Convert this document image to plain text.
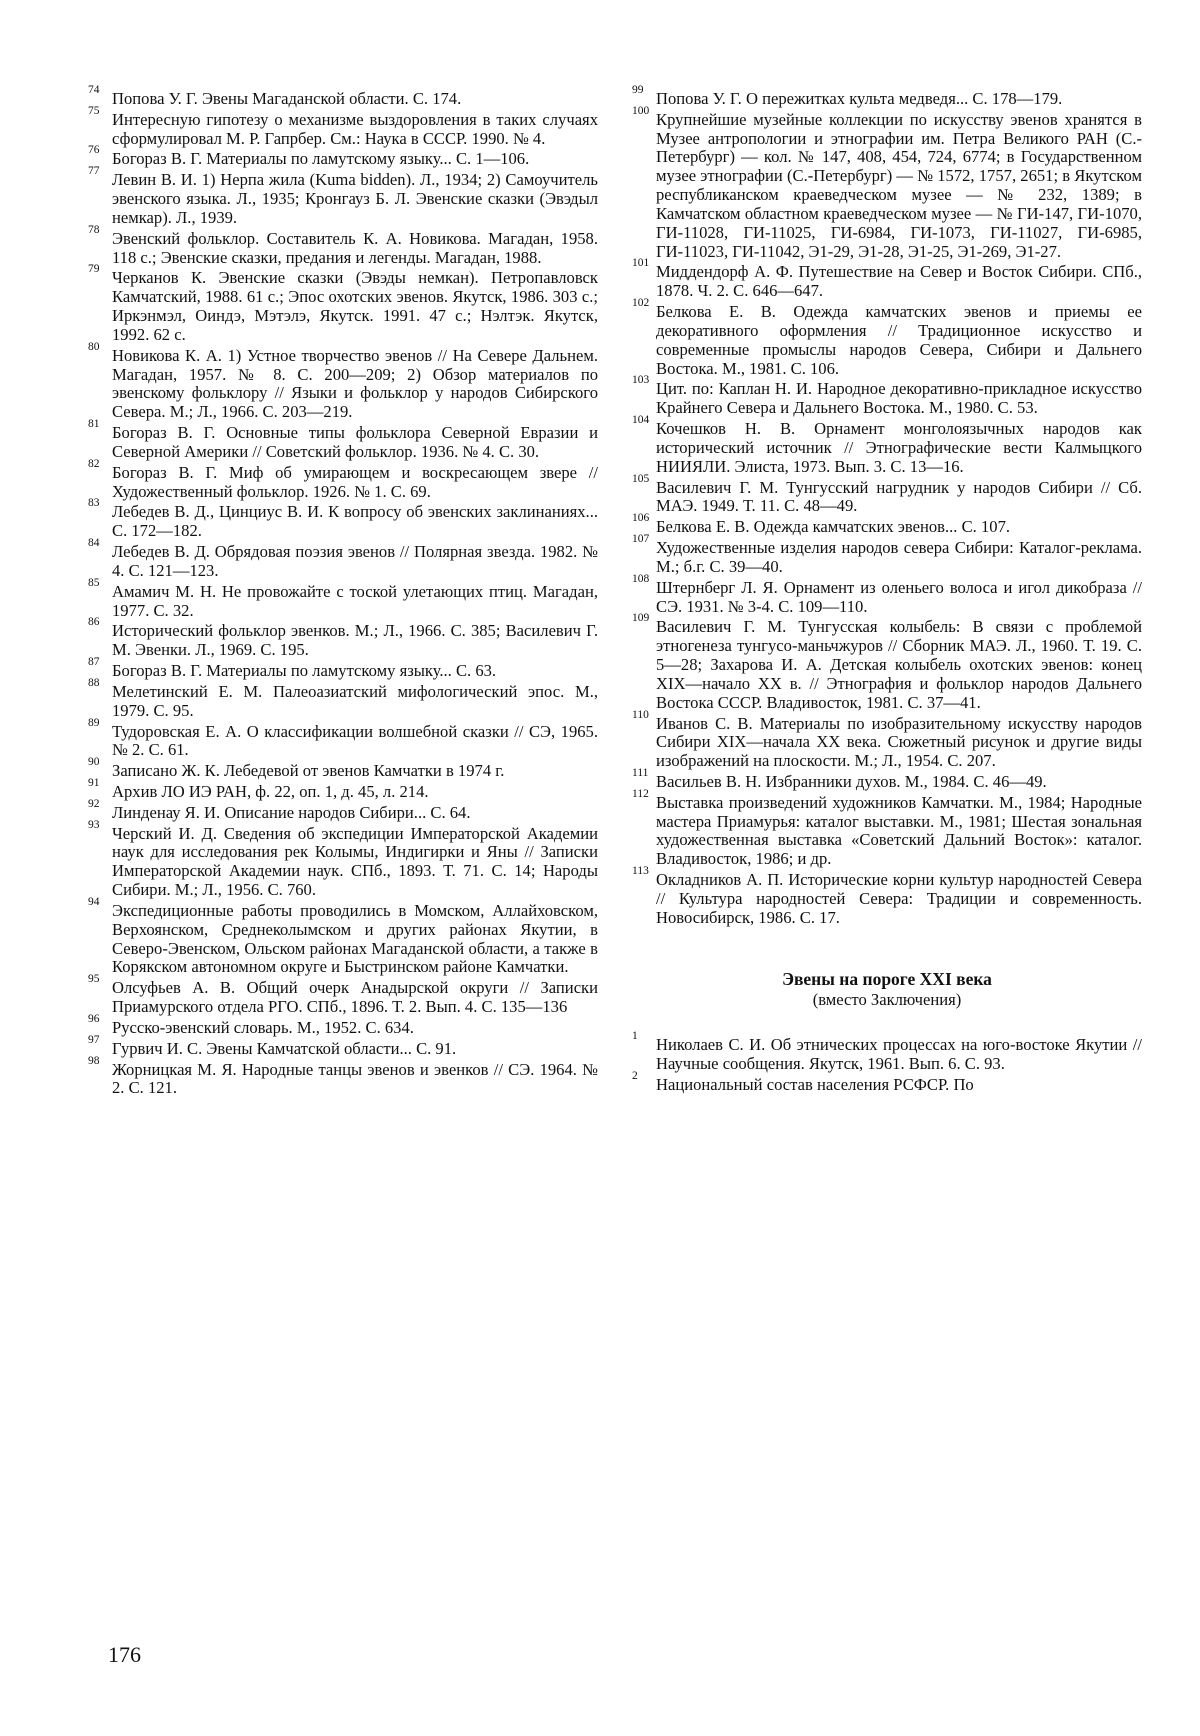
74 Попова У. Г. Эвены Магаданской области. С. 174.
75 Интересную гипотезу о механизме выздоровления в таких случаях сформулировал М. Р. Гапрбер. См.: Наука в СССР. 1990. № 4.
76 Богораз В. Г. Материалы по ламутскому языку... С. 1—106.
77 Левин В. И. 1) Нерпа жила (Kuma bidden). Л., 1934; 2) Самоучитель эвенского языка. Л., 1935; Кронгауз Б. Л. Эвенские сказки (Эвэдыл немкар). Л., 1939.
78 Эвенский фольклор. Составитель К. А. Новикова. Магадан, 1958. 118 с.; Эвенские сказки, предания и легенды. Магадан, 1988.
79 Черканов К. Эвенские сказки (Эвэды немкан). Петропавловск Камчатский, 1988. 61 с.; Эпос охотских эвенов. Якутск, 1986. 303 с.; Иркэнмэл, Оиндэ, Мэтэлэ, Якутск. 1991. 47 с.; Нэлтэк. Якутск, 1992. 62 с.
80 Новикова К. А. 1) Устное творчество эвенов // На Севере Дальнем. Магадан, 1957. № 8. С. 200—209; 2) Обзор материалов по эвенскому фольклору // Языки и фольклор у народов Сибирского Севера. М.; Л., 1966. С. 203—219.
81 Богораз В. Г. Основные типы фольклора Северной Евразии и Северной Америки // Советский фольклор. 1936. № 4. С. 30.
82 Богораз В. Г. Миф об умирающем и воскресающем звере // Художественный фольклор. 1926. № 1. С. 69.
83 Лебедев В. Д., Цинциус В. И. К вопросу об эвенских заклинаниях... С. 172—182.
84 Лебедев В. Д. Обрядовая поэзия эвенов // Полярная звезда. 1982. № 4. С. 121—123.
85 Амамич М. Н. Не провожайте с тоской улетающих птиц. Магадан, 1977. С. 32.
86 Исторический фольклор эвенков. М.; Л., 1966. С. 385; Василевич Г. М. Эвенки. Л., 1969. С. 195.
87 Богораз В. Г. Материалы по ламутскому языку... С. 63.
88 Мелетинский Е. М. Палеоазиатский мифологический эпос. М., 1979. С. 95.
89 Тудоровская Е. А. О классификации волшебной сказки // СЭ, 1965. № 2. С. 61.
90 Записано Ж. К. Лебедевой от эвенов Камчатки в 1974 г.
91 Архив ЛО ИЭ РАН, ф. 22, оп. 1, д. 45, л. 214.
92 Линденау Я. И. Описание народов Сибири... С. 64.
93 Черский И. Д. Сведения об экспедиции Императорской Академии наук для исследования рек Колымы, Индигирки и Яны // Записки Императорской Академии наук. СПб., 1893. Т. 71. С. 14; Народы Сибири. М.; Л., 1956. С. 760.
94 Экспедиционные работы проводились в Момском, Аллайховском, Верхоянском, Среднеколымском и других районах Якутии, в Северо-Эвенском, Ольском районах Магаданской области, а также в Корякском автономном округе и Быстринском районе Камчатки.
95 Олсуфьев А. В. Общий очерк Анадырской округи // Записки Приамурского отдела РГО. СПб., 1896. Т. 2. Вып. 4. С. 135—136
96 Русско-эвенский словарь. М., 1952. С. 634.
97 Гурвич И. С. Эвены Камчатской области... С. 91.
98 Жорницкая М. Я. Народные танцы эвенов и эвенков // СЭ. 1964. № 2. С. 121.
99 Попова У. Г. О пережитках культа медведя... С. 178—179.
100 Крупнейшие музейные коллекции по искусству эвенов хранятся в Музее антропологии и этнографии им. Петра Великого РАН (С.-Петербург) — кол. № 147, 408, 454, 724, 6774; в Государственном музее этнографии (С.-Петербург) — № 1572, 1757, 2651; в Якутском республиканском краеведческом музее — № 232, 1389; в Камчатском областном краеведческом музее — № ГИ-147, ГИ-1070, ГИ-11028, ГИ-11025, ГИ-6984, ГИ-1073, ГИ-11027, ГИ-6985, ГИ-11023, ГИ-11042, Э1-29, Э1-28, Э1-25, Э1-269, Э1-27.
101 Миддендорф А. Ф. Путешествие на Север и Восток Сибири. СПб., 1878. Ч. 2. С. 646—647.
102 Белкова Е. В. Одежда камчатских эвенов и приемы ее декоративного оформления // Традиционное искусство и современные промыслы народов Севера, Сибири и Дальнего Востока. М., 1981. С. 106.
103 Цит. по: Каплан Н. И. Народное декоративно-прикладное искусство Крайнего Севера и Дальнего Востока. М., 1980. С. 53.
104 Кочешков Н. В. Орнамент монголоязычных народов как исторический источник // Этнографические вести Калмыцкого НИИЯЛИ. Элиста, 1973. Вып. 3. С. 13—16.
105 Василевич Г. М. Тунгусский нагрудник у народов Сибири // Сб. МАЭ. 1949. Т. 11. С. 48—49.
106 Белкова Е. В. Одежда камчатских эвенов... С. 107.
107 Художественные изделия народов севера Сибири: Каталог-реклама. М.; б.г. С. 39—40.
108 Штернберг Л. Я. Орнамент из оленьего волоса и игол дикобраза // СЭ. 1931. № 3-4. С. 109—110.
109 Василевич Г. М. Тунгусская колыбель: В связи с проблемой этногенеза тунгусо-маньчжуров // Сборник МАЭ. Л., 1960. Т. 19. С. 5—28; Захарова И. А. Детская колыбель охотских эвенов: конец XIX—начало XX в. // Этнография и фольклор народов Дальнего Востока СССР. Владивосток, 1981. С. 37—41.
110 Иванов С. В. Материалы по изобразительному искусству народов Сибири XIX—начала XX века. Сюжетный рисунок и другие виды изображений на плоскости. М.; Л., 1954. С. 207.
111 Васильев В. Н. Избранники духов. М., 1984. С. 46—49.
112 Выставка произведений художников Камчатки. М., 1984; Народные мастера Приамурья: каталог выставки. М., 1981; Шестая зональная художественная выставка «Советский Дальний Восток»: каталог. Владивосток, 1986; и др.
113 Окладников А. П. Исторические корни культур народностей Севера // Культура народностей Севера: Традиции и современность. Новосибирск, 1986. С. 17.
Эвены на пороге XXI века
(вместо Заключения)
1 Николаев С. И. Об этнических процессах на юго-востоке Якутии // Научные сообщения. Якутск, 1961. Вып. 6. С. 93.
2 Национальный состав населения РСФСР. По
176
